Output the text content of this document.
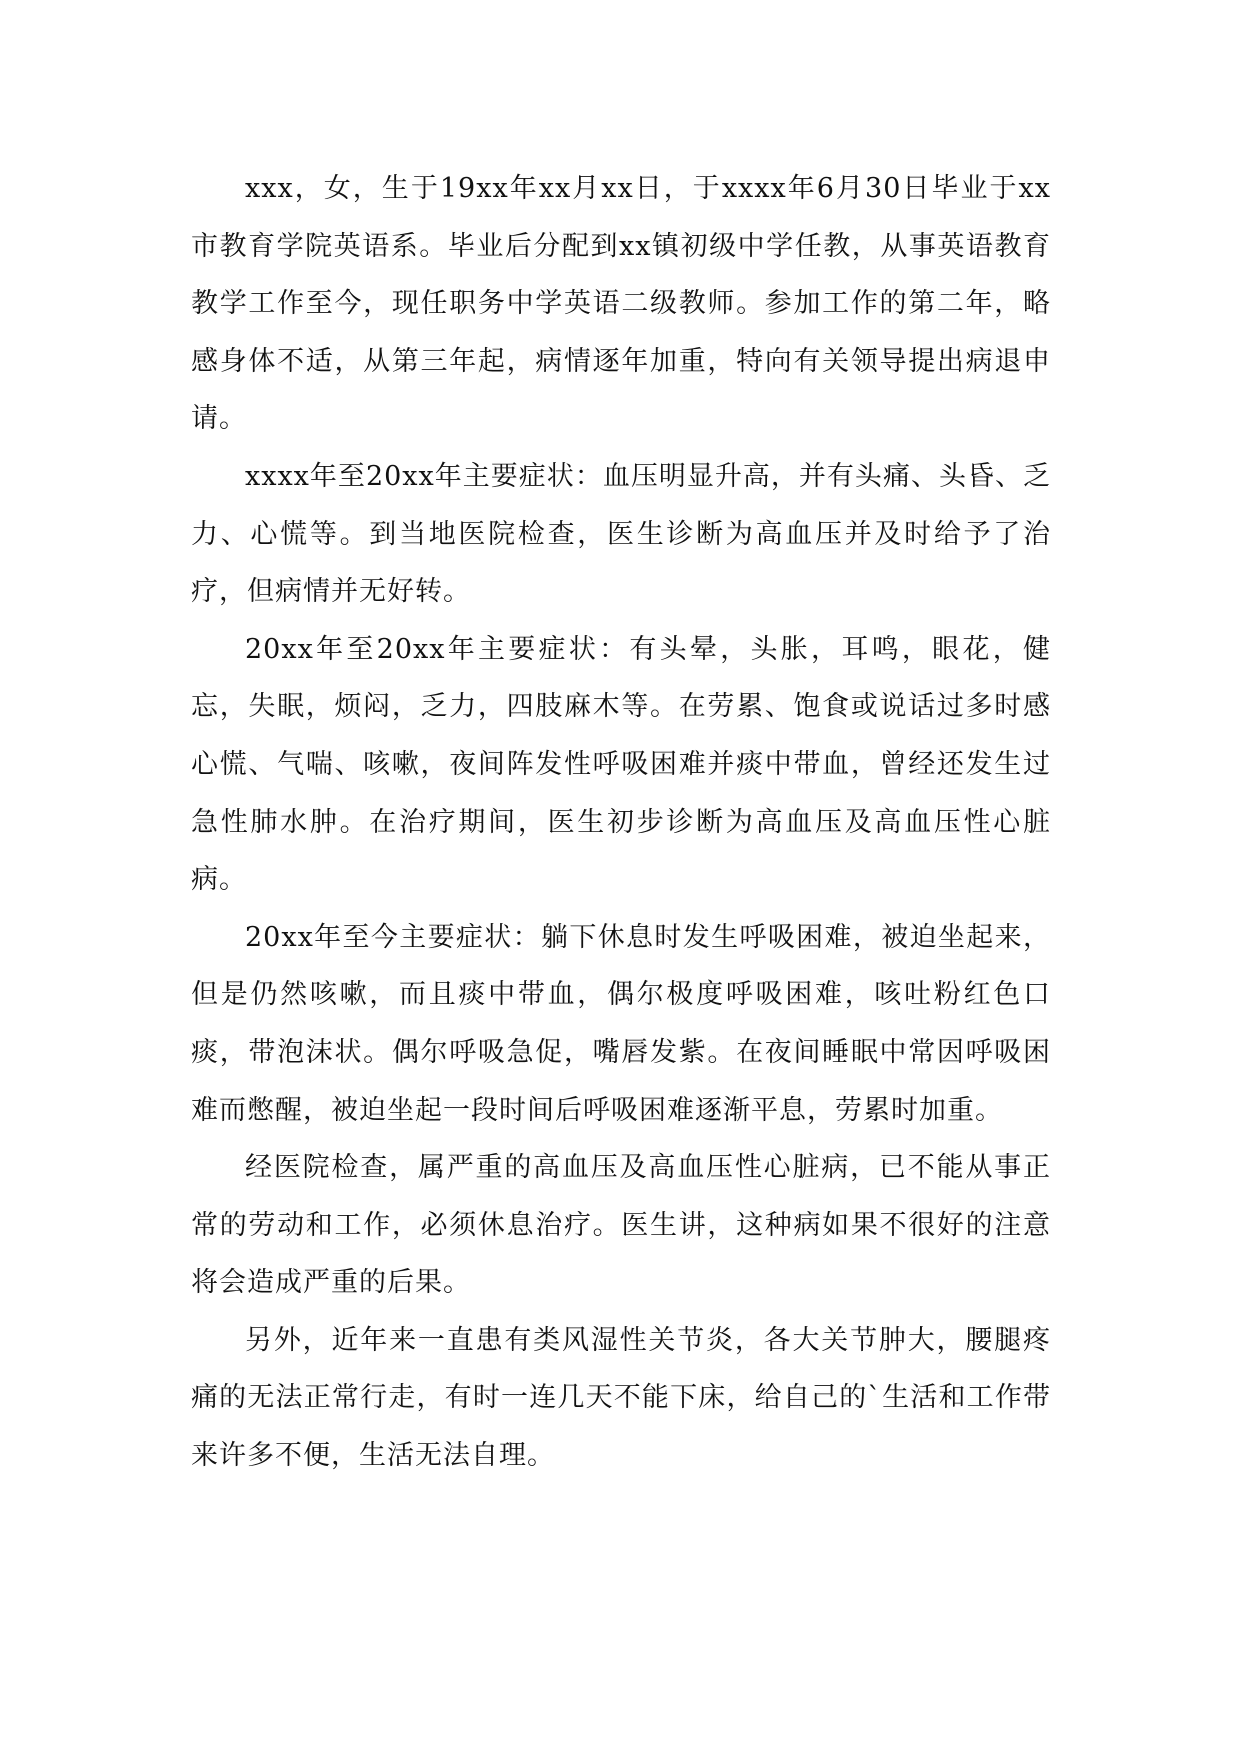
xxx，女，生于19xx年xx月xx日，于xxxx年6月30日毕业于xx市教育学院英语系。毕业后分配到xx镇初级中学任教，从事英语教育教学工作至今，现任职务中学英语二级教师。参加工作的第二年，略感身体不适，从第三年起，病情逐年加重，特向有关领导提出病退申请。

xxxx年至20xx年主要症状：血压明显升高，并有头痛、头昏、乏力、心慌等。到当地医院检查，医生诊断为高血压并及时给予了治疗，但病情并无好转。

20xx年至20xx年主要症状：有头晕，头胀，耳鸣，眼花，健忘，失眠，烦闷，乏力，四肢麻木等。在劳累、饱食或说话过多时感心慌、气喘、咳嗽，夜间阵发性呼吸困难并痰中带血，曾经还发生过急性肺水肿。在治疗期间，医生初步诊断为高血压及高血压性心脏病。

20xx年至今主要症状：躺下休息时发生呼吸困难，被迫坐起来，但是仍然咳嗽，而且痰中带血，偶尔极度呼吸困难，咳吐粉红色口痰，带泡沫状。偶尔呼吸急促，嘴唇发紫。在夜间睡眠中常因呼吸困难而憋醒，被迫坐起一段时间后呼吸困难逐渐平息，劳累时加重。

经医院检查，属严重的高血压及高血压性心脏病，已不能从事正常的劳动和工作，必须休息治疗。医生讲，这种病如果不很好的注意将会造成严重的后果。

另外，近年来一直患有类风湿性关节炎，各大关节肿大，腰腿疼痛的无法正常行走，有时一连几天不能下床，给自己的`生活和工作带来许多不便，生活无法自理。
